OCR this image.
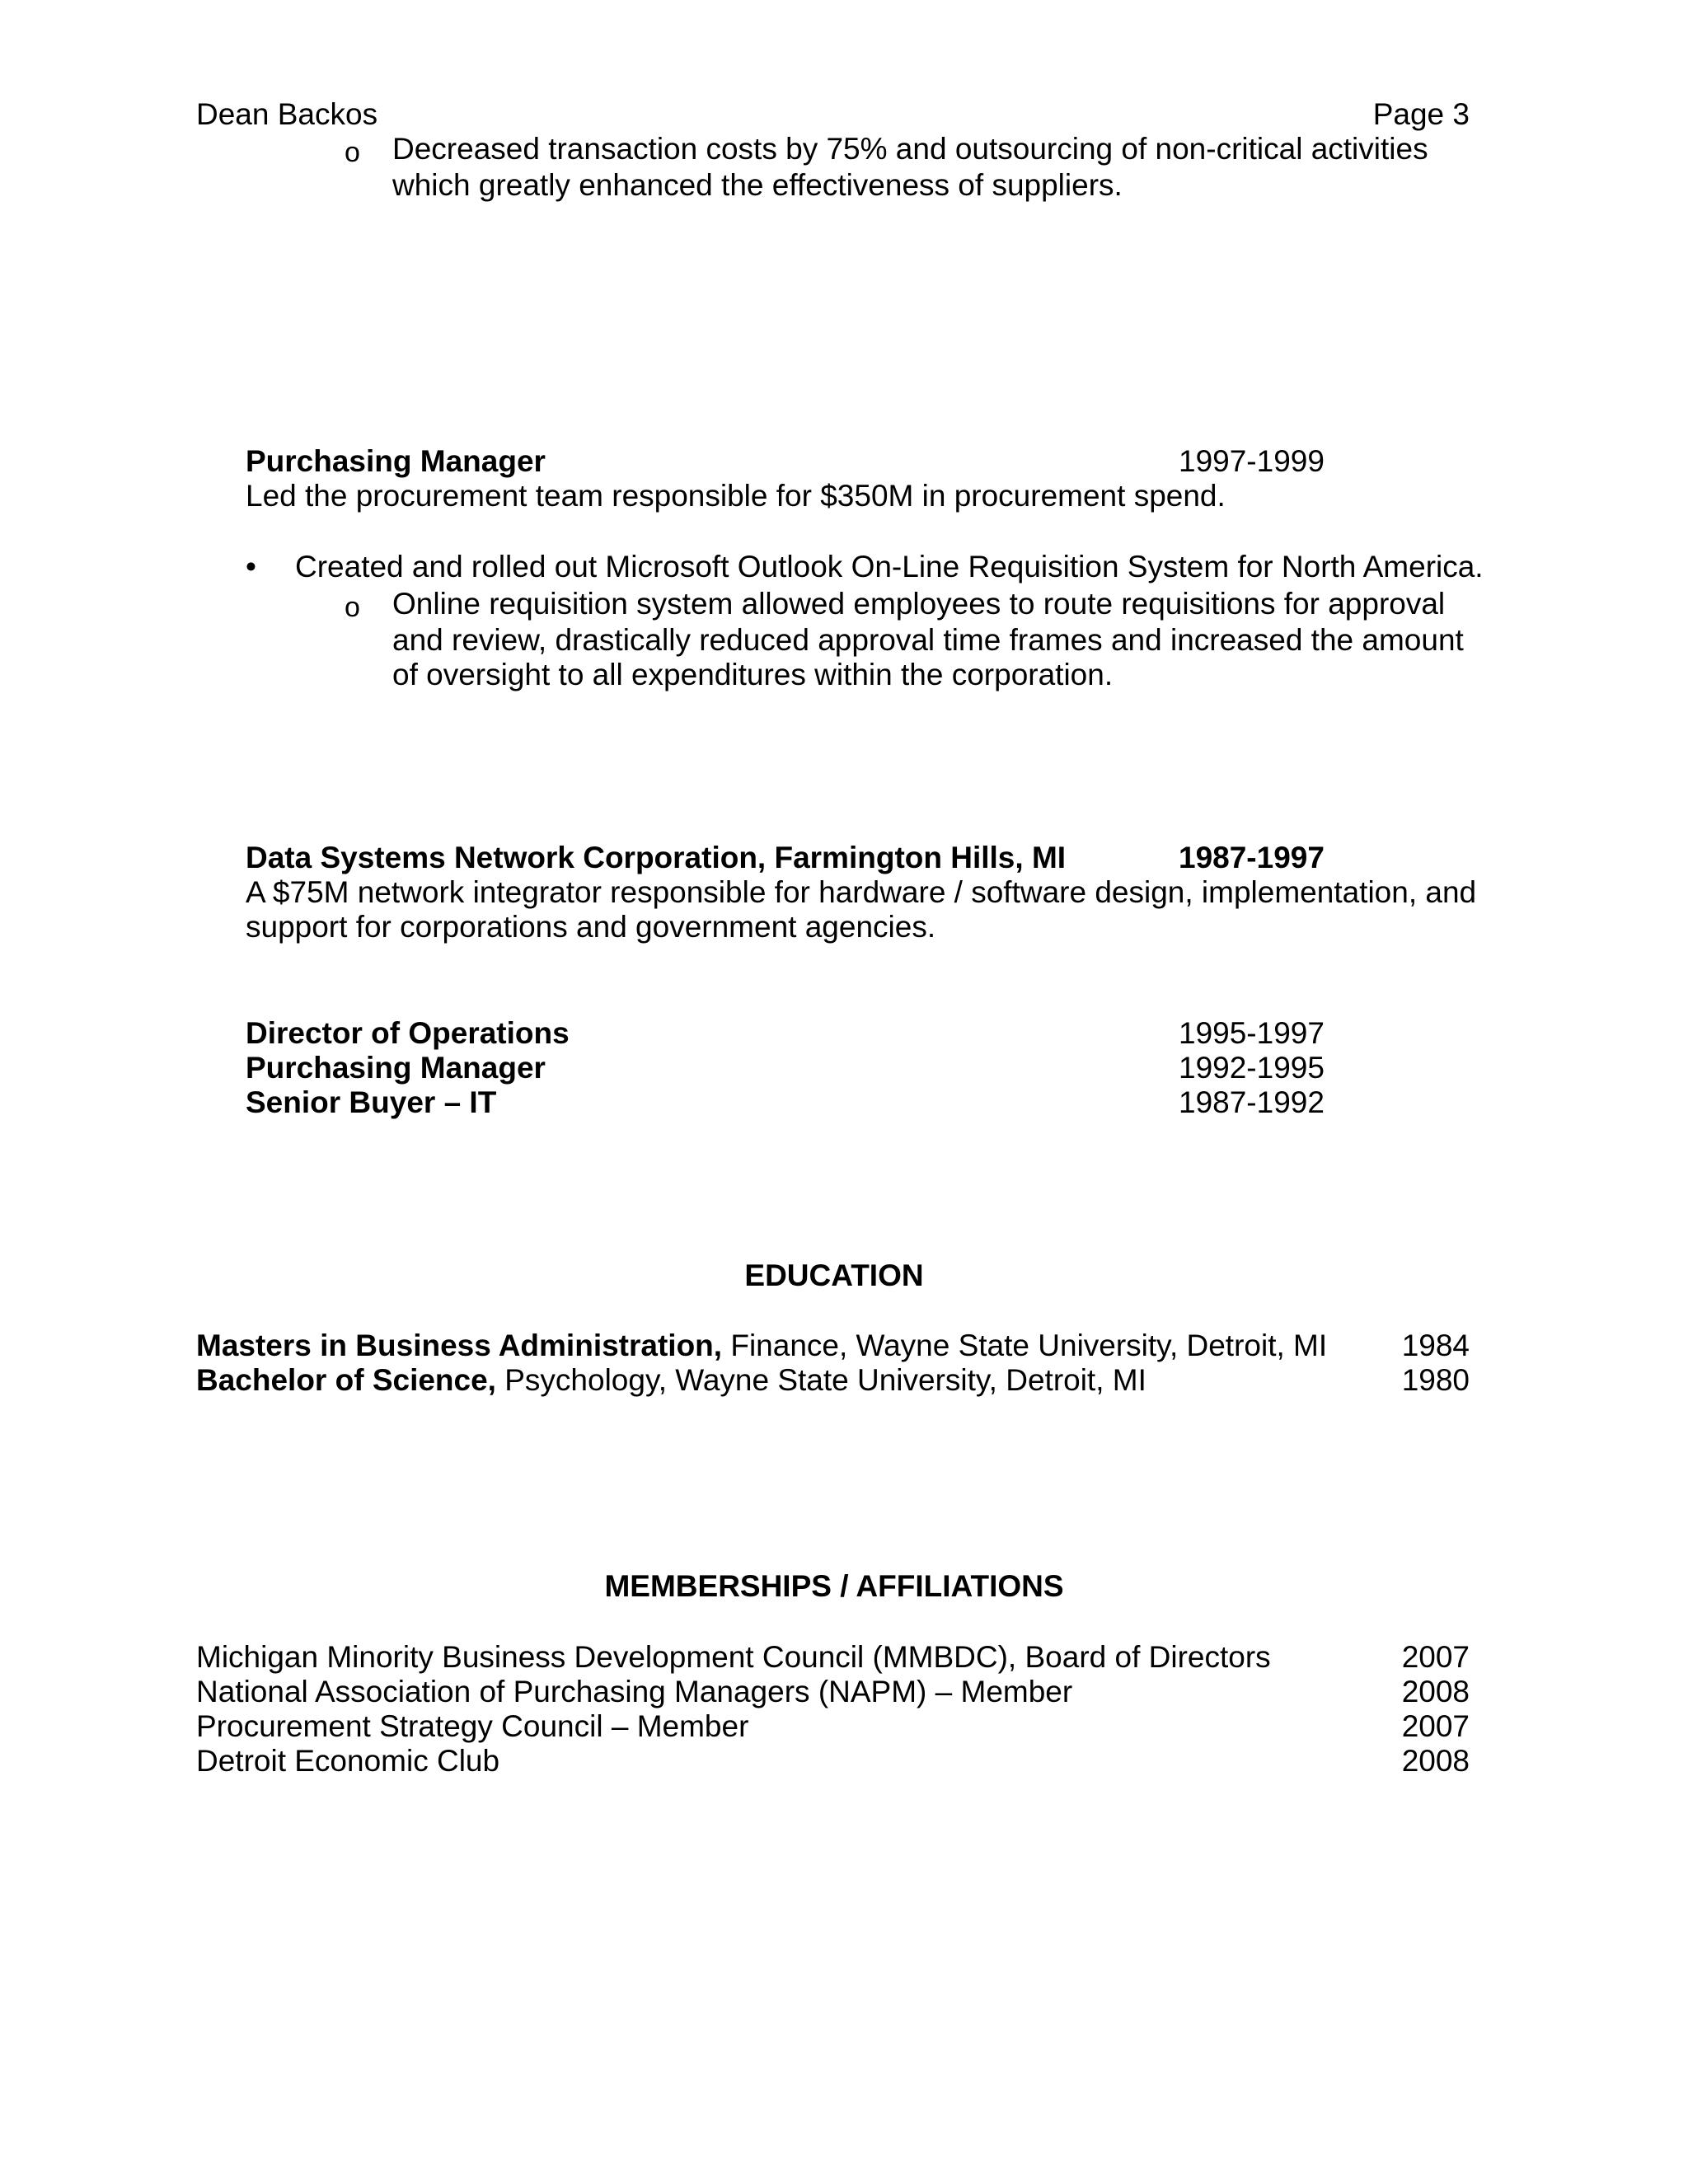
Dean Backos	Page 3
o Decreased transaction costs by 75% and outsourcing of non-critical activities
which greatly enhanced the effectiveness of suppliers.
Purchasing Manager	1997-1999
Led the procurement team responsible for $350M in procurement spend.
• Created and rolled out Microsoft Outlook On-Line Requisition System for North America.
o Online requisition system allowed employees to route requisitions for approval
and review, drastically reduced approval time frames and increased the amount
of oversight to all expenditures within the corporation.
Data Systems Network Corporation, Farmington Hills, MI	1987-1997
A $75M network integrator responsible for hardware / software design, implementation, and
support for corporations and government agencies.
Director of Operations	1995-1997
Purchasing Manager	1992-1995
Senior Buyer – IT	1987-1992
EDUCATION
Masters in Business Administration, Finance, Wayne State University, Detroit, MI 1984
Bachelor of Science, Psychology, Wayne State University, Detroit, MI	1980
MEMBERSHIPS / AFFILIATIONS
Michigan Minority Business Development Council (MMBDC), Board of Directors	2007
National Association of Purchasing Managers (NAPM) – Member	2008
Procurement Strategy Council – Member	2007
Detroit Economic Club	2008
